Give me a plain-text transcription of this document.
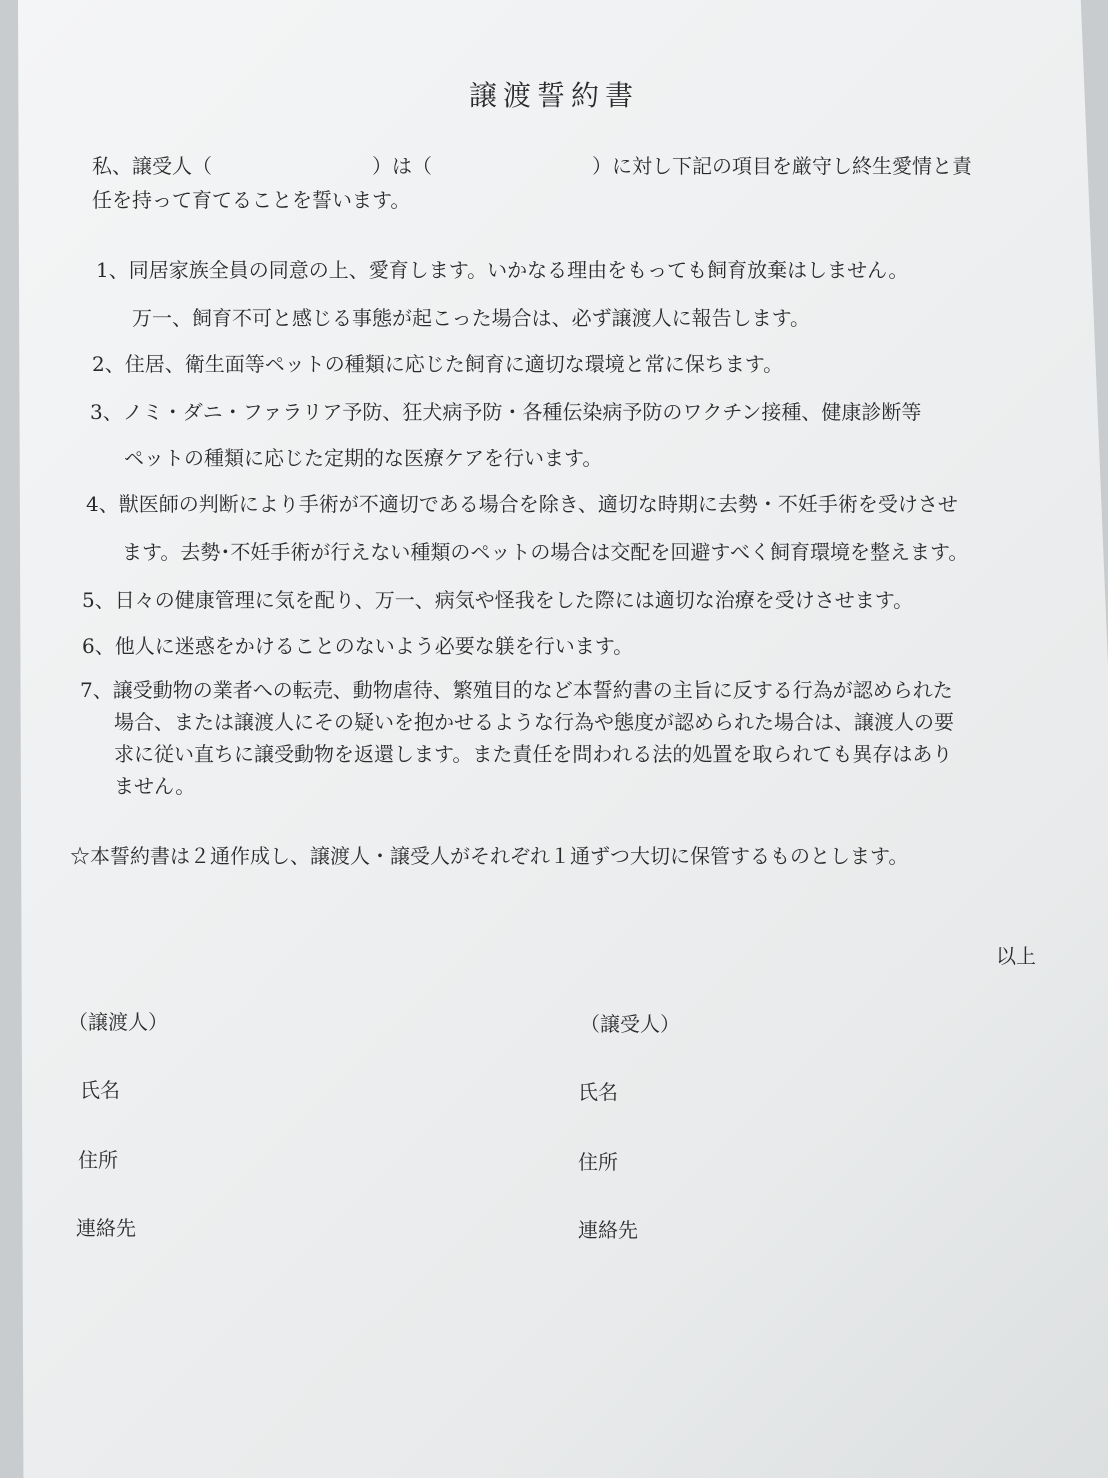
譲渡誓約書
私、譲受人（	）は（	）に対し下記の項目を厳守し終生愛情と責
任を持って育てることを誓います。
1、同居家族全員の同意の上、愛育します。いかなる理由をもっても飼育放棄はしません。
万一、飼育不可と感じる事態が起こった場合は、必ず譲渡人に報告します。
2、住居、衛生面等ペットの種類に応じた飼育に適切な環境と常に保ちます。
3、ノミ・ダニ・ファラリア予防、狂犬病予防・各種伝染病予防のワクチン接種、健康診断等
ペットの種類に応じた定期的な医療ケアを行います。
4、獣医師の判断により手術が不適切である場合を除き、適切な時期に去勢・不妊手術を受けさせ
ます。去勢･不妊手術が行えない種類のペットの場合は交配を回避すべく飼育環境を整えます。
5、日々の健康管理に気を配り、万一、病気や怪我をした際には適切な治療を受けさせます。
6、他人に迷惑をかけることのないよう必要な躾を行います。
7、譲受動物の業者への転売、動物虐待、繁殖目的など本誓約書の主旨に反する行為が認められた
場合、または譲渡人にその疑いを抱かせるような行為や態度が認められた場合は、譲渡人の要
求に従い直ちに譲受動物を返還します。また責任を問われる法的処置を取られても異存はあり
ません。
☆本誓約書は２通作成し、譲渡人・譲受人がそれぞれ１通ずつ大切に保管するものとします。
以上
（譲渡人）	（譲受人）
氏名	氏名
住所	住所
連絡先	連絡先
